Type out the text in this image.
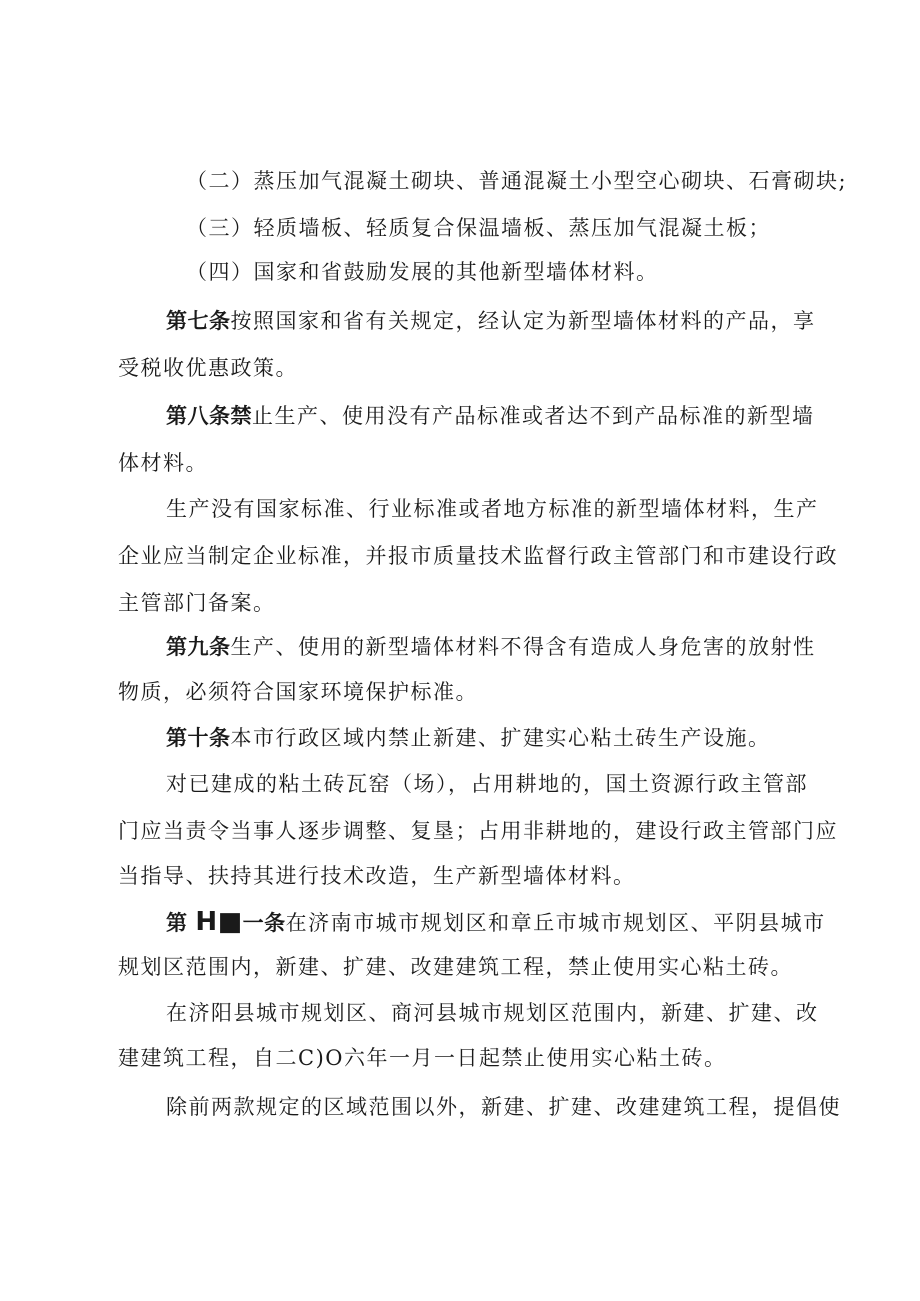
（二）蒸压加气混凝土砌块、普通混凝土小型空心砌块、石膏砌块;
（三）轻质墙板、轻质复合保温墙板、蒸压加气混凝土板；
（四）国家和省鼓励发展的其他新型墙体材料。
第七条按照国家和省有关规定，经认定为新型墙体材料的产品，享
受税收优惠政策。
第八条禁止生产、使用没有产品标准或者达不到产品标准的新型墙
体材料。
生产没有国家标准、行业标准或者地方标准的新型墙体材料，生产
企业应当制定企业标准，并报市质量技术监督行政主管部门和市建设行政
主管部门备案。
第九条生产、使用的新型墙体材料不得含有造成人身危害的放射性
物质，必须符合国家环境保护标准。
第十条本市行政区域内禁止新建、扩建实心粘土砖生产设施。
对已建成的粘土砖瓦窑（场），占用耕地的，国土资源行政主管部
门应当责令当事人逐步调整、复垦；占用非耕地的，建设行政主管部门应
当指导、扶持其进行技术改造，生产新型墙体材料。
第 H■一条在济南市城市规划区和章丘市城市规划区、平阴县城市
规划区范围内，新建、扩建、改建建筑工程，禁止使用实心粘土砖。
在济阳县城市规划区、商河县城市规划区范围内，新建、扩建、改
建建筑工程，自二C)O六年一月一日起禁止使用实心粘土砖。
除前两款规定的区域范围以外，新建、扩建、改建建筑工程，提倡使
